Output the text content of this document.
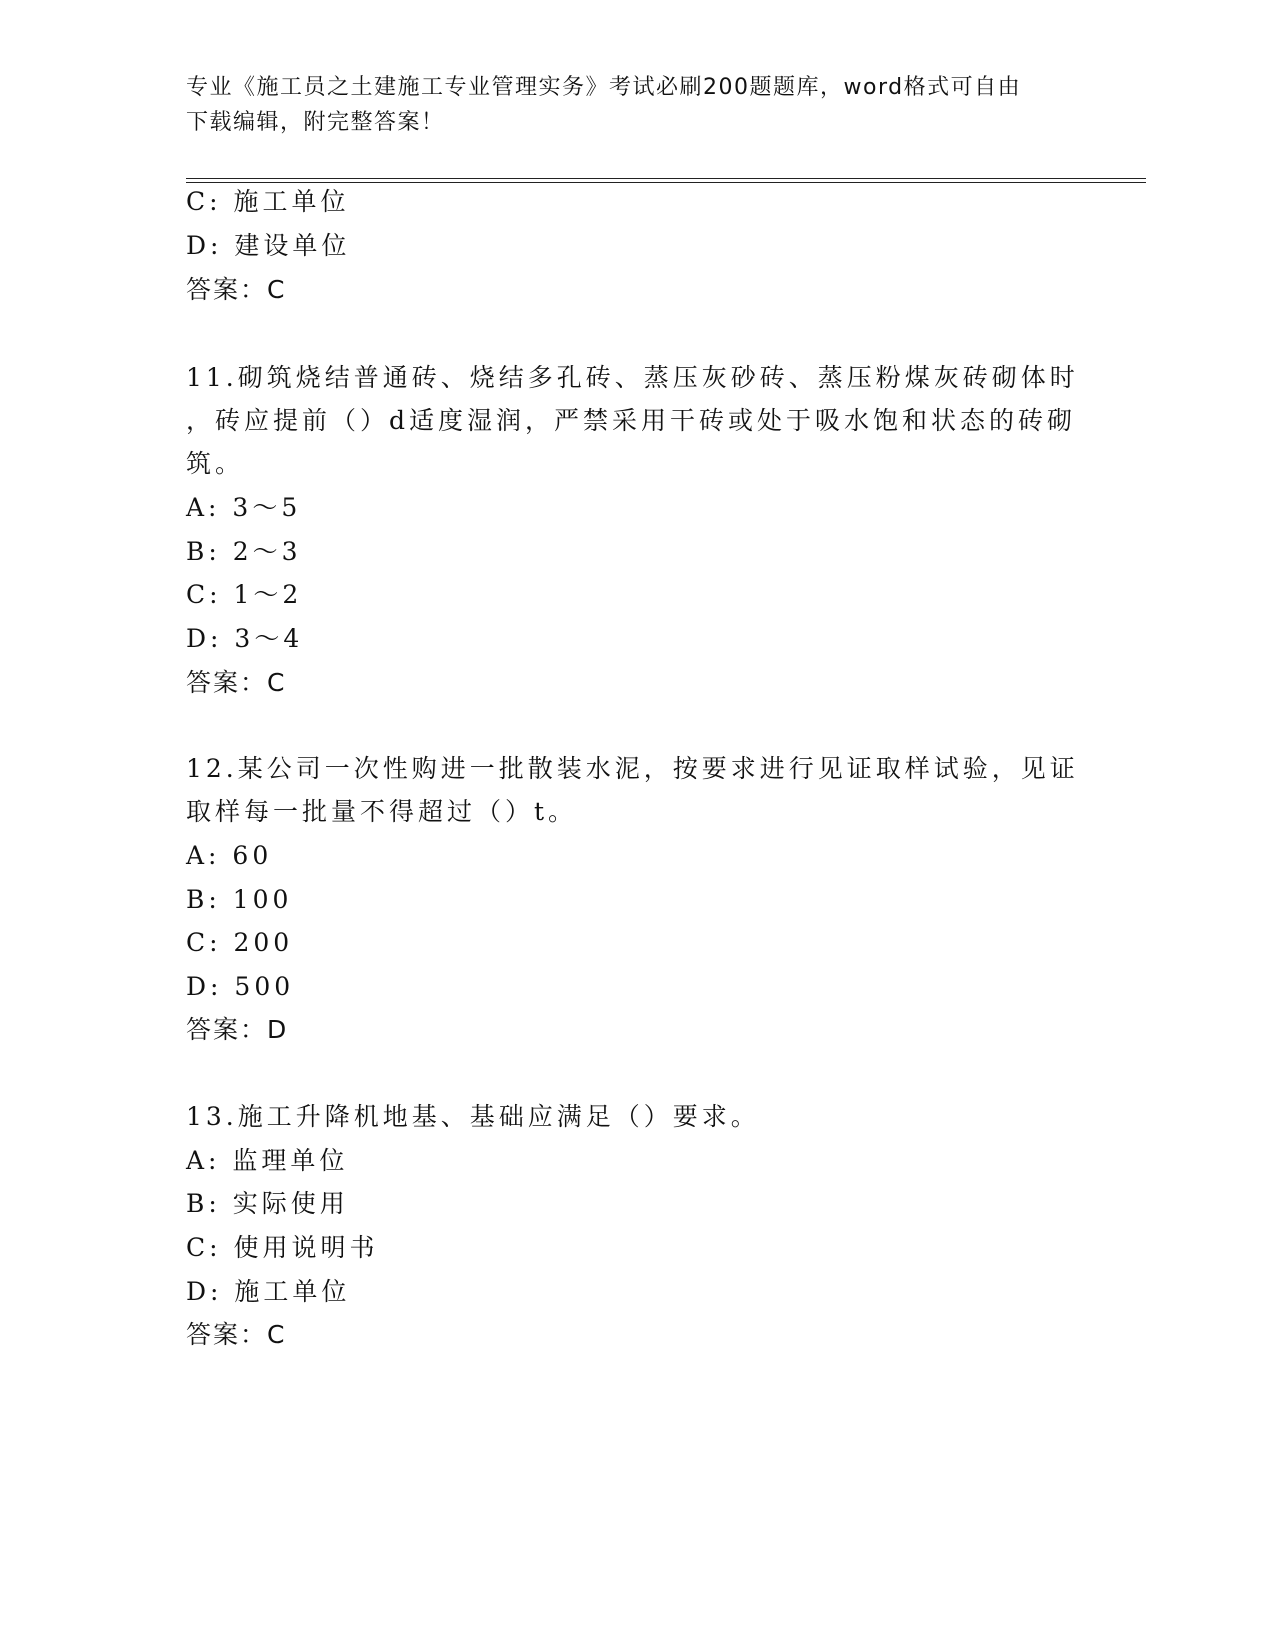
专业《施工员之土建施工专业管理实务》考试必刷200题题库，word格式可自由
下载编辑，附完整答案！
C: 施工单位
D: 建设单位
答案：C
11.砌筑烧结普通砖、烧结多孔砖、蒸压灰砂砖、蒸压粉煤灰砖砌体时
，砖应提前（）d适度湿润，严禁采用干砖或处于吸水饱和状态的砖砌
筑。
A: 3～5
B: 2～3
C: 1～2
D: 3～4
答案：C
12.某公司一次性购进一批散装水泥，按要求进行见证取样试验，见证
取样每一批量不得超过（）t。
A: 60
B: 100
C: 200
D: 500
答案：D
13.施工升降机地基、基础应满足（）要求。
A: 监理单位
B: 实际使用
C: 使用说明书
D: 施工单位
答案：C
